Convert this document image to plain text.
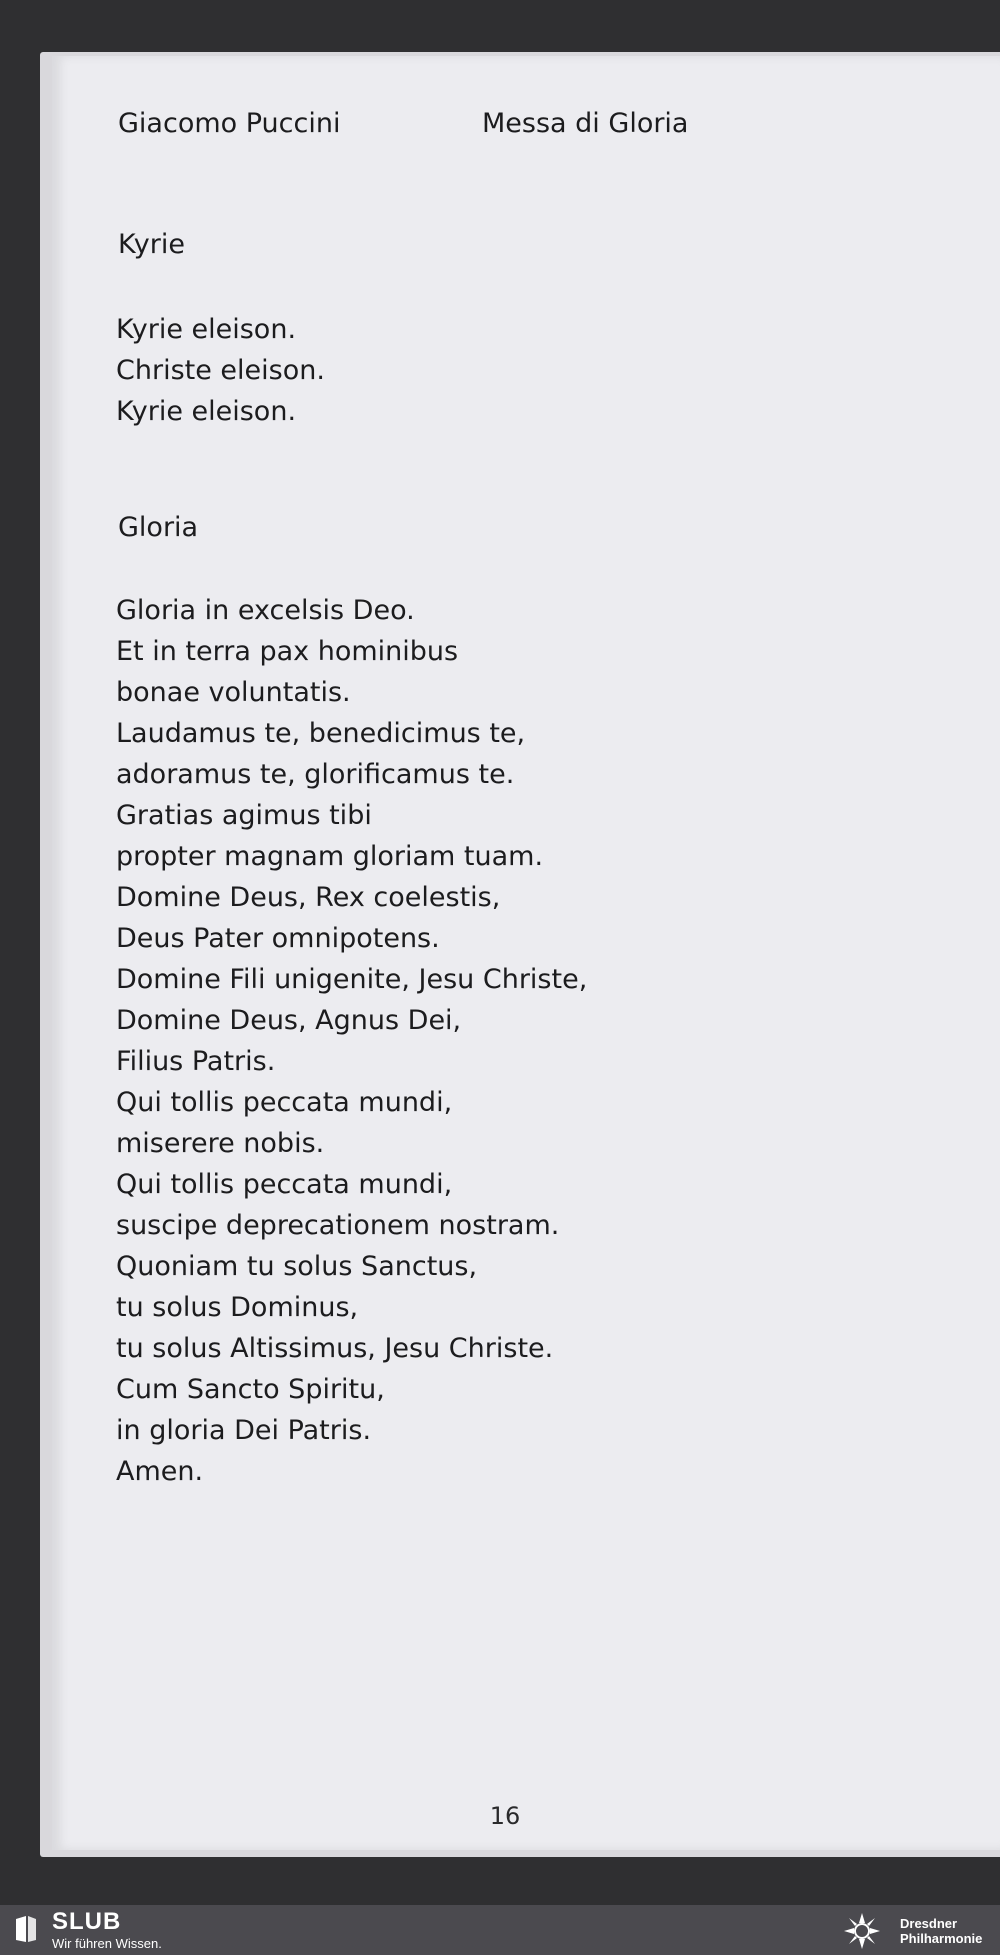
Giacomo Puccini	Messa di Gloria
Kyrie
Kyrie eleison.
Christe eleison.
Kyrie eleison.
Gloria
Gloria in excelsis Deo.
Et in terra pax hominibus
bonae voluntatis.
Laudamus te, benedicimus te,
adoramus te, glorificamus te.
Gratias agimus tibi
propter magnam gloriam tuam.
Domine Deus, Rex coelestis,
Deus Pater omnipotens.
Domine Fili unigenite, Jesu Christe,
Domine Deus, Agnus Dei,
Filius Patris.
Qui tollis peccata mundi,
miserere nobis.
Qui tollis peccata mundi,
suscipe deprecationem nostram.
Quoniam tu solus Sanctus,
tu solus Dominus,
tu solus Altissimus, Jesu Christe.
Cum Sancto Spiritu,
in gloria Dei Patris.
Amen.
16
SLUB
Wir führen Wissen.
Dresdner
Philharmonie
